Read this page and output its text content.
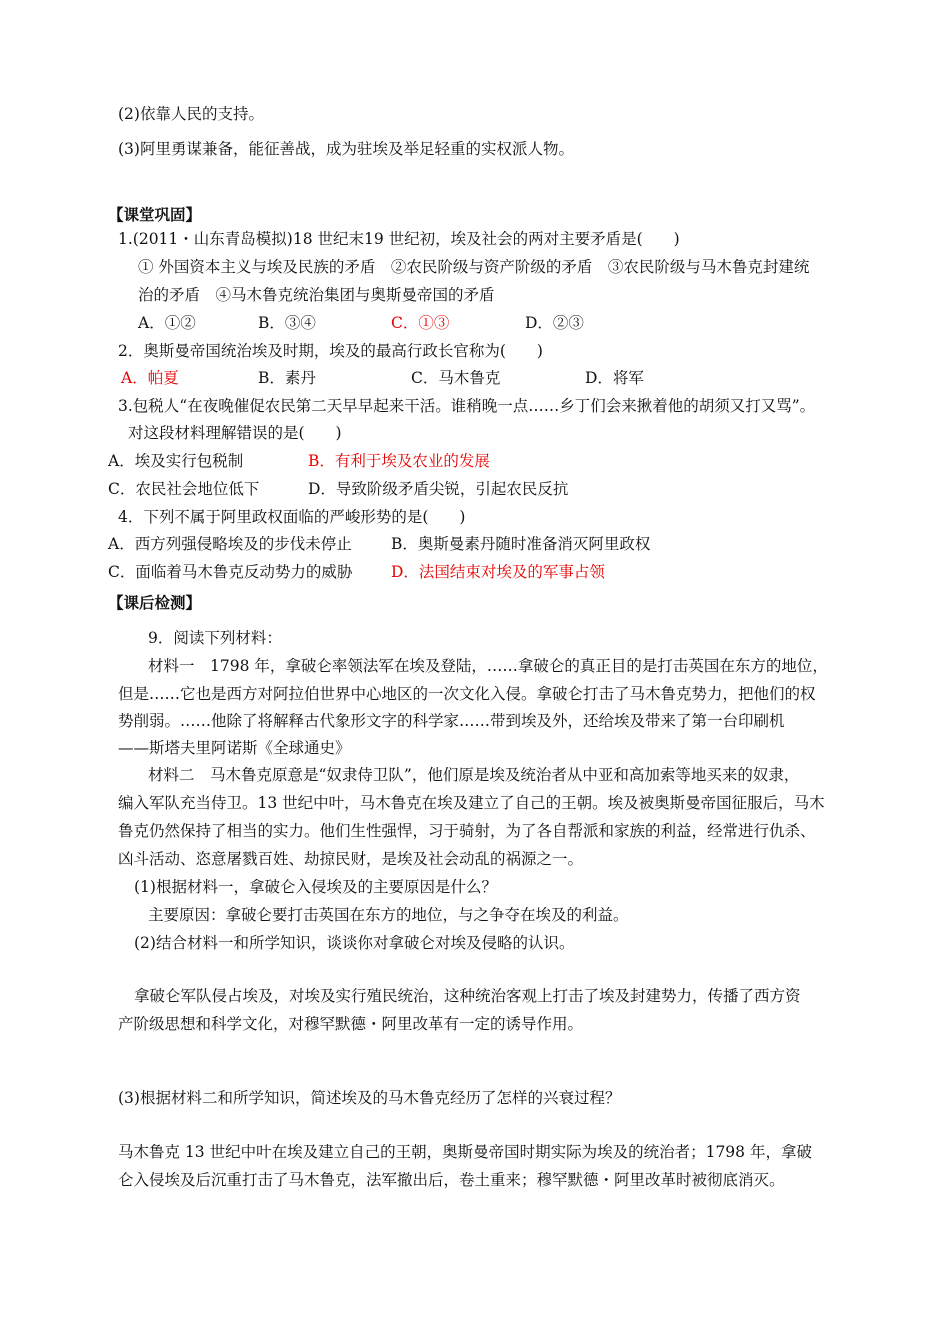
(2)依靠人民的支持。
(3)阿里勇谋兼备，能征善战，成为驻埃及举足轻重的实权派人物。
【课堂巩固】
1.(2011・山东青岛模拟)18 世纪末19 世纪初，埃及社会的两对主要矛盾是(　　)
① 外国资本主义与埃及民族的矛盾　②农民阶级与资产阶级的矛盾　③农民阶级与马木鲁克封建统
治的矛盾　④马木鲁克统治集团与奥斯曼帝国的矛盾
A．①②	B．③④	C．①③	D．②③
2．奥斯曼帝国统治埃及时期，埃及的最高行政长官称为(　　)
A．帕夏	B．素丹	C．马木鲁克	D．将军
3.包税人“在夜晚催促农民第二天早早起来干活。谁稍晚一点……乡丁们会来揪着他的胡须又打又骂”。
对这段材料理解错误的是(　　)
A．埃及实行包税制	B．有利于埃及农业的发展
C．农民社会地位低下	D．导致阶级矛盾尖锐，引起农民反抗
4．下列不属于阿里政权面临的严峻形势的是(　　)
A．西方列强侵略埃及的步伐未停止	B．奥斯曼素丹随时准备消灭阿里政权
C．面临着马木鲁克反动势力的威胁 D．法国结束对埃及的军事占领
【课后检测】
9．阅读下列材料：
材料一　1798 年，拿破仑率领法军在埃及登陆，……拿破仑的真正目的是打击英国在东方的地位，
但是……它也是西方对阿拉伯世界中心地区的一次文化入侵。拿破仑打击了马木鲁克势力，把他们的权
势削弱。……他除了将解释古代象形文字的科学家……带到埃及外，还给埃及带来了第一台印刷机
——斯塔夫里阿诺斯《全球通史》
材料二　马木鲁克原意是“奴隶侍卫队”，他们原是埃及统治者从中亚和高加索等地买来的奴隶，
编入军队充当侍卫。13 世纪中叶，马木鲁克在埃及建立了自己的王朝。埃及被奥斯曼帝国征服后，马木
鲁克仍然保持了相当的实力。他们生性强悍，习于骑射，为了各自帮派和家族的利益，经常进行仇杀、
凶斗活动、恣意屠戮百姓、劫掠民财，是埃及社会动乱的祸源之一。
(1)根据材料一，拿破仑入侵埃及的主要原因是什么？
主要原因：拿破仑要打击英国在东方的地位，与之争夺在埃及的利益。
(2)结合材料一和所学知识，谈谈你对拿破仑对埃及侵略的认识。
拿破仑军队侵占埃及，对埃及实行殖民统治，这种统治客观上打击了埃及封建势力，传播了西方资
产阶级思想和科学文化，对穆罕默德・阿里改革有一定的诱导作用。
(3)根据材料二和所学知识，简述埃及的马木鲁克经历了怎样的兴衰过程？
马木鲁克 13 世纪中叶在埃及建立自己的王朝，奥斯曼帝国时期实际为埃及的统治者；1798 年，拿破
仑入侵埃及后沉重打击了马木鲁克，法军撤出后，卷土重来；穆罕默德・阿里改革时被彻底消灭。
